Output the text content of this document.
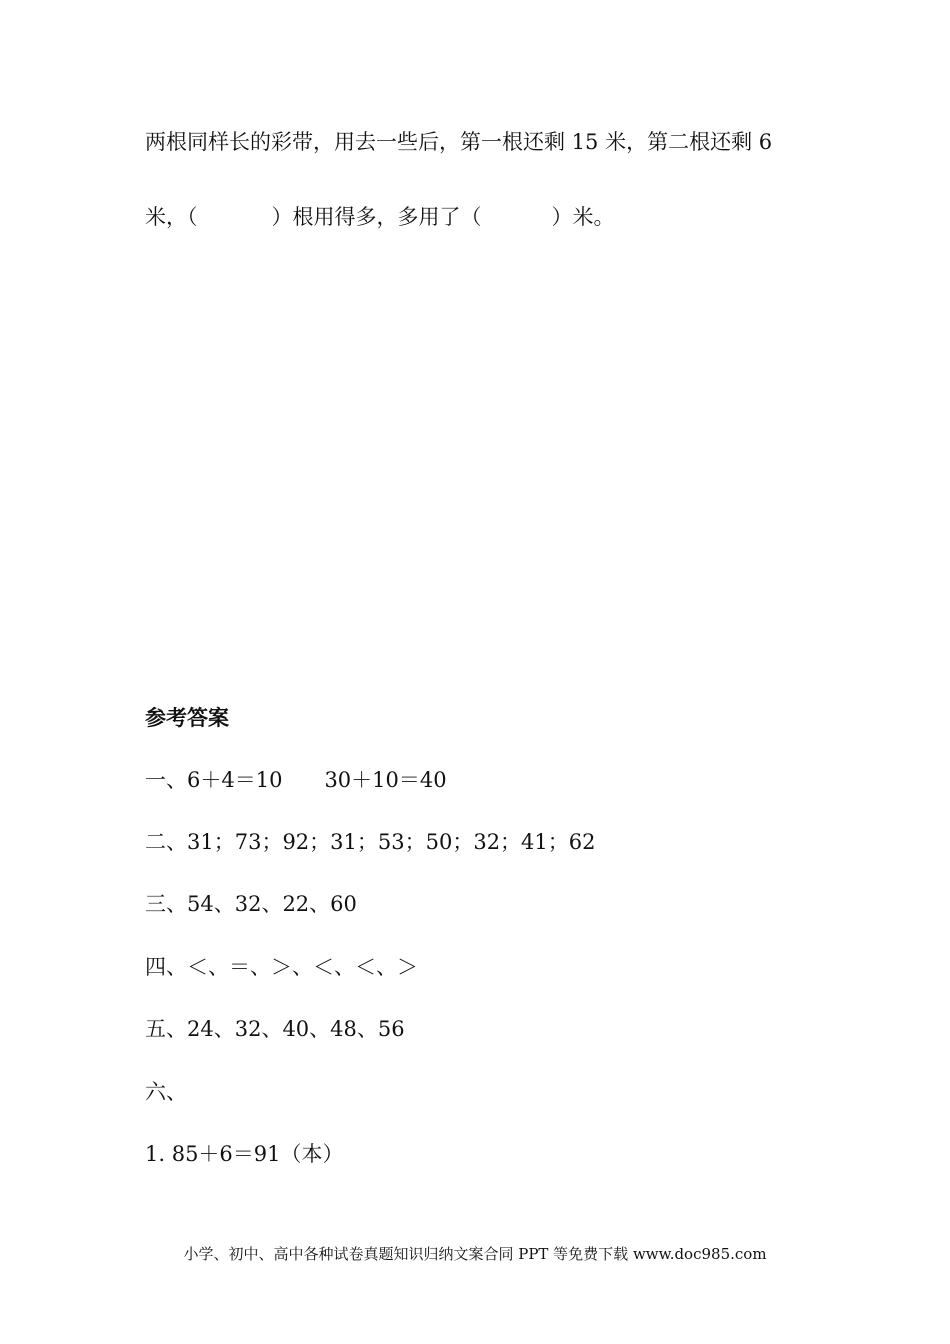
两根同样长的彩带，用去一些后，第一根还剩 15 米，第二根还剩 6
米，（	）根用得多，多用了（	）米。
参考答案
一、6＋4＝10　　30＋10＝40
二、31；73；92；31；53；50；32；41；62
三、54、32、22、60
四、＜、＝、＞、＜、＜、＞
五、24、32、40、48、56
六、
1. 85＋6＝91（本）
小学、初中、高中各种试卷真题知识归纳文案合同 PPT 等免费下载 www.doc985.com
